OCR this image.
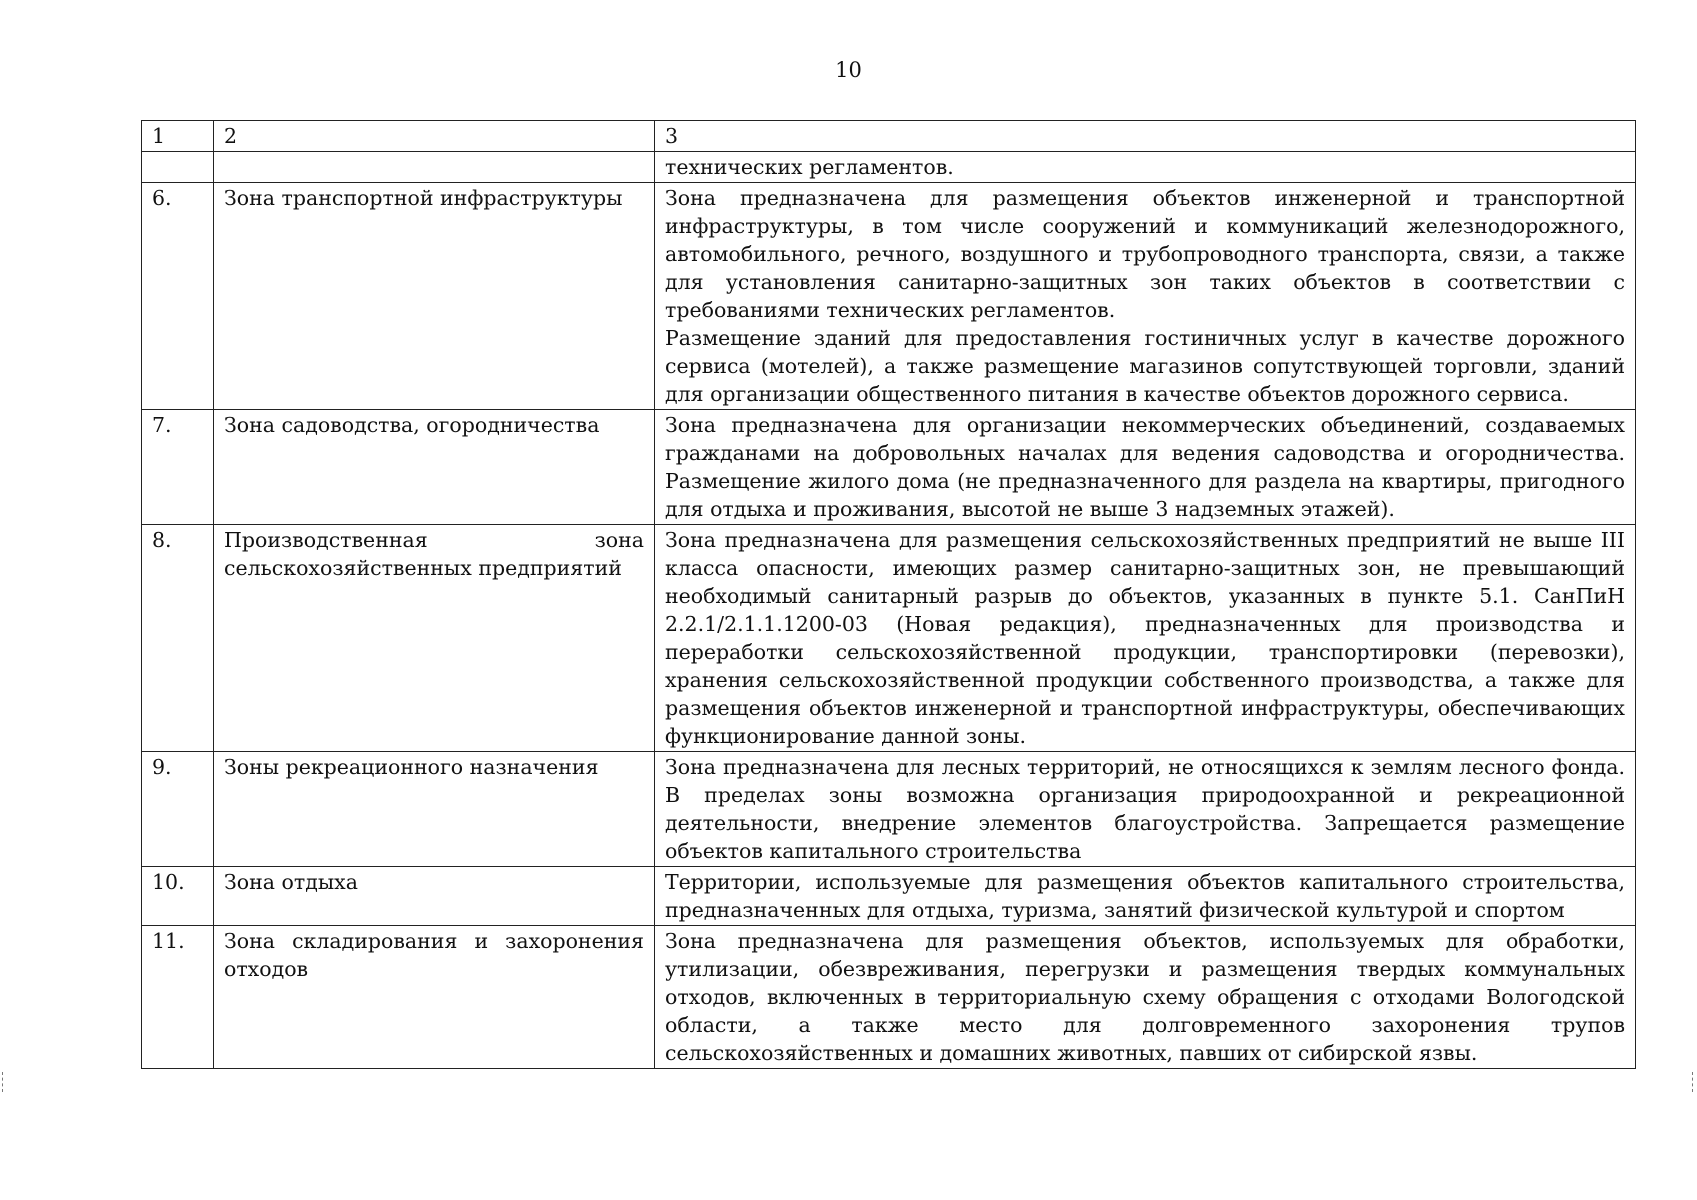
10
1	2	3
		технических регламентов.
6.	Зона транспортной инфраструктуры	Зона предназначена для размещения объектов инженерной и транспортной инфраструктуры, в том числе сооружений и коммуникаций железнодорожного, автомобильного, речного, воздушного и трубопроводного транспорта, связи, а также для установления санитарно-защитных зон таких объектов в соответствии с требованиями технических регламентов.
Размещение зданий для предоставления гостиничных услуг в качестве дорожного сервиса (мотелей), а также размещение магазинов сопутствующей торговли, зданий для организации общественного питания в качестве объектов дорожного сервиса.

7.	Зона садоводства, огородничества	Зона предназначена для организации некоммерческих объединений, создаваемых гражданами на добровольных началах для ведения садоводства и огородничества. Размещение жилого дома (не предназначенного для раздела на квартиры, пригодного для отдыха и проживания, высотой не выше 3 надземных этажей).

8.	Производственная зона сельскохозяйственных предприятий	Зона предназначена для размещения сельскохозяйственных предприятий не выше III класса опасности, имеющих размер санитарно-защитных зон, не превышающий необходимый санитарный разрыв до объектов, указанных в пункте 5.1. СанПиН 2.2.1/2.1.1.1200-03 (Новая редакция), предназначенных для производства и переработки сельскохозяйственной продукции, транспортировки (перевозки), хранения сельскохозяйственной продукции собственного производства, а также для размещения объектов инженерной и транспортной инфраструктуры, обеспечивающих функционирование данной зоны.

9.	Зоны рекреационного назначения	Зона предназначена для лесных территорий, не относящихся к землям лесного фонда. В пределах зоны возможна организация природоохранной и рекреационной деятельности, внедрение элементов благоустройства. Запрещается размещение объектов капитального строительства

10.	Зона отдыха	Территории, используемые для размещения объектов капитального строительства, предназначенных для отдыха, туризма, занятий физической культурой и спортом

11.	Зона складирования и захоронения отходов	Зона предназначена для размещения объектов, используемых для обработки, утилизации, обезвреживания, перегрузки и размещения твердых коммунальных отходов, включенных в территориальную схему обращения с отходами Вологодской области, а также место для долговременного захоронения трупов сельскохозяйственных и домашних животных, павших от сибирской язвы.
